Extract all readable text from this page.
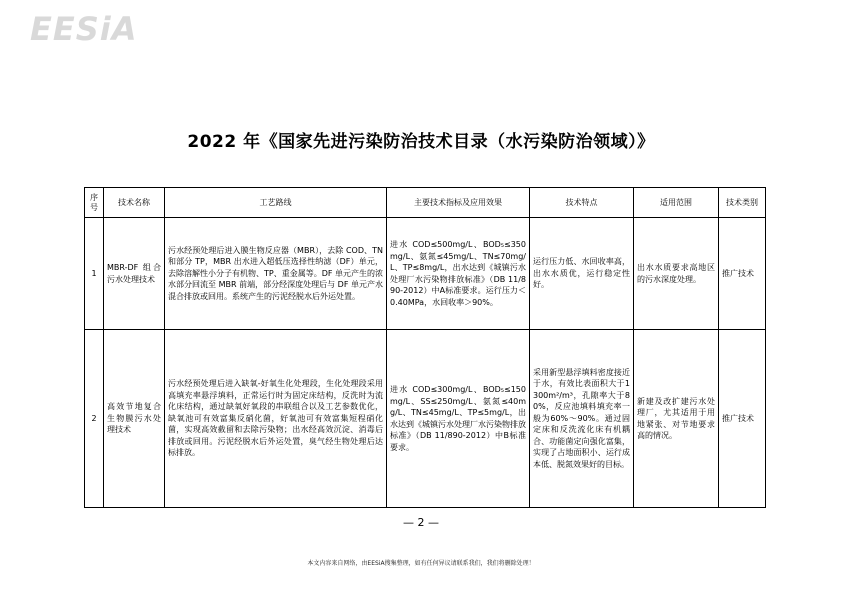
EESiA
2022 年《国家先进污染防治技术目录（水污染防治领域）》
序号	技术名称	工艺路线	主要技术指标及应用效果	技术特点	适用范围	技术类别
1	MBR-DF 组合污水处理技术	污水经预处理后进入膜生物反应器（MBR），去除 COD、TN 和部分 TP，MBR 出水进入超低压选择性纳滤（DF）单元，去除溶解性小分子有机物、TP、重金属等。DF 单元产生的浓水部分回流至 MBR 前端，部分经深度处理后与 DF 单元产水混合排放或回用。系统产生的污泥经脱水后外运处置。	进水 COD≤500mg/L、BOD₅≤350mg/L、氨氮≤45mg/L、TN≤70mg/L、TP≤8mg/L，出水达到《城镇污水处理厂水污染物排放标准》（DB 11/890-2012）中A标准要求。运行压力＜0.40MPa，水回收率＞90%。	运行压力低、水回收率高，出水水质优，运行稳定性好。	出水水质要求高地区的污水深度处理。	推广技术
2	高效节地复合生物膜污水处理技术	污水经预处理后进入缺氧-好氧生化处理段，生化处理段采用高填充率悬浮填料，正常运行时为固定床结构，反洗时为流化床结构，通过缺氧好氧段的串联组合以及工艺参数优化，缺氧池可有效富集反硝化菌，好氧池可有效富集短程硝化菌，实现高效截留和去除污染物；出水经高效沉淀、消毒后排放或回用。污泥经脱水后外运处置，臭气经生物处理后达标排放。	进水 COD≤300mg/L、BOD₅≤150mg/L、SS≤250mg/L、氨氮≤40mg/L、TN≤45mg/L、TP≤5mg/L，出水达到《城镇污水处理厂水污染物排放标准》（DB 11/890-2012）中B标准要求。	采用新型悬浮填料密度接近于水，有效比表面积大于1300m²/m³，孔隙率大于80%，反应池填料填充率一般为60%～90%。通过固定床和反洗流化床有机耦合、功能菌定向强化富集，实现了占地面积小、运行成本低、脱氮效果好的目标。	新建及改扩建污水处理厂，尤其适用于用地紧张、对节地要求高的情况。	推广技术
— 2 —
本文内容来自网络，由EESiA搜集整理，如有任何异议请联系我们，我们将删除处理！
